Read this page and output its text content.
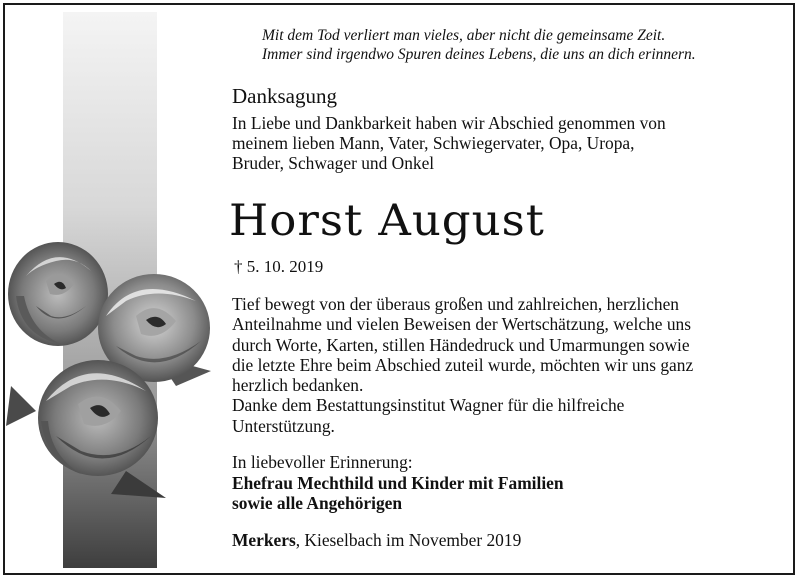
Mit dem Tod verliert man vieles, aber nicht die gemeinsame Zeit.
Immer sind irgendwo Spuren deines Lebens, die uns an dich erinnern.
Danksagung
In Liebe und Dankbarkeit haben wir Abschied genommen von
meinem lieben Mann, Vater, Schwiegervater, Opa, Uropa,
Bruder, Schwager und Onkel
Horst August
† 5. 10. 2019
Tief bewegt von der überaus großen und zahlreichen, herzlichen
Anteilnahme und vielen Beweisen der Wertschätzung, welche uns
durch Worte, Karten, stillen Händedruck und Umarmungen sowie
die letzte Ehre beim Abschied zuteil wurde, möchten wir uns ganz
herzlich bedanken.
Danke dem Bestattungsinstitut Wagner für die hilfreiche
Unterstützung.
In liebevoller Erinnerung:
Ehefrau Mechthild und Kinder mit Familien
sowie alle Angehörigen
Merkers, Kieselbach im November 2019
